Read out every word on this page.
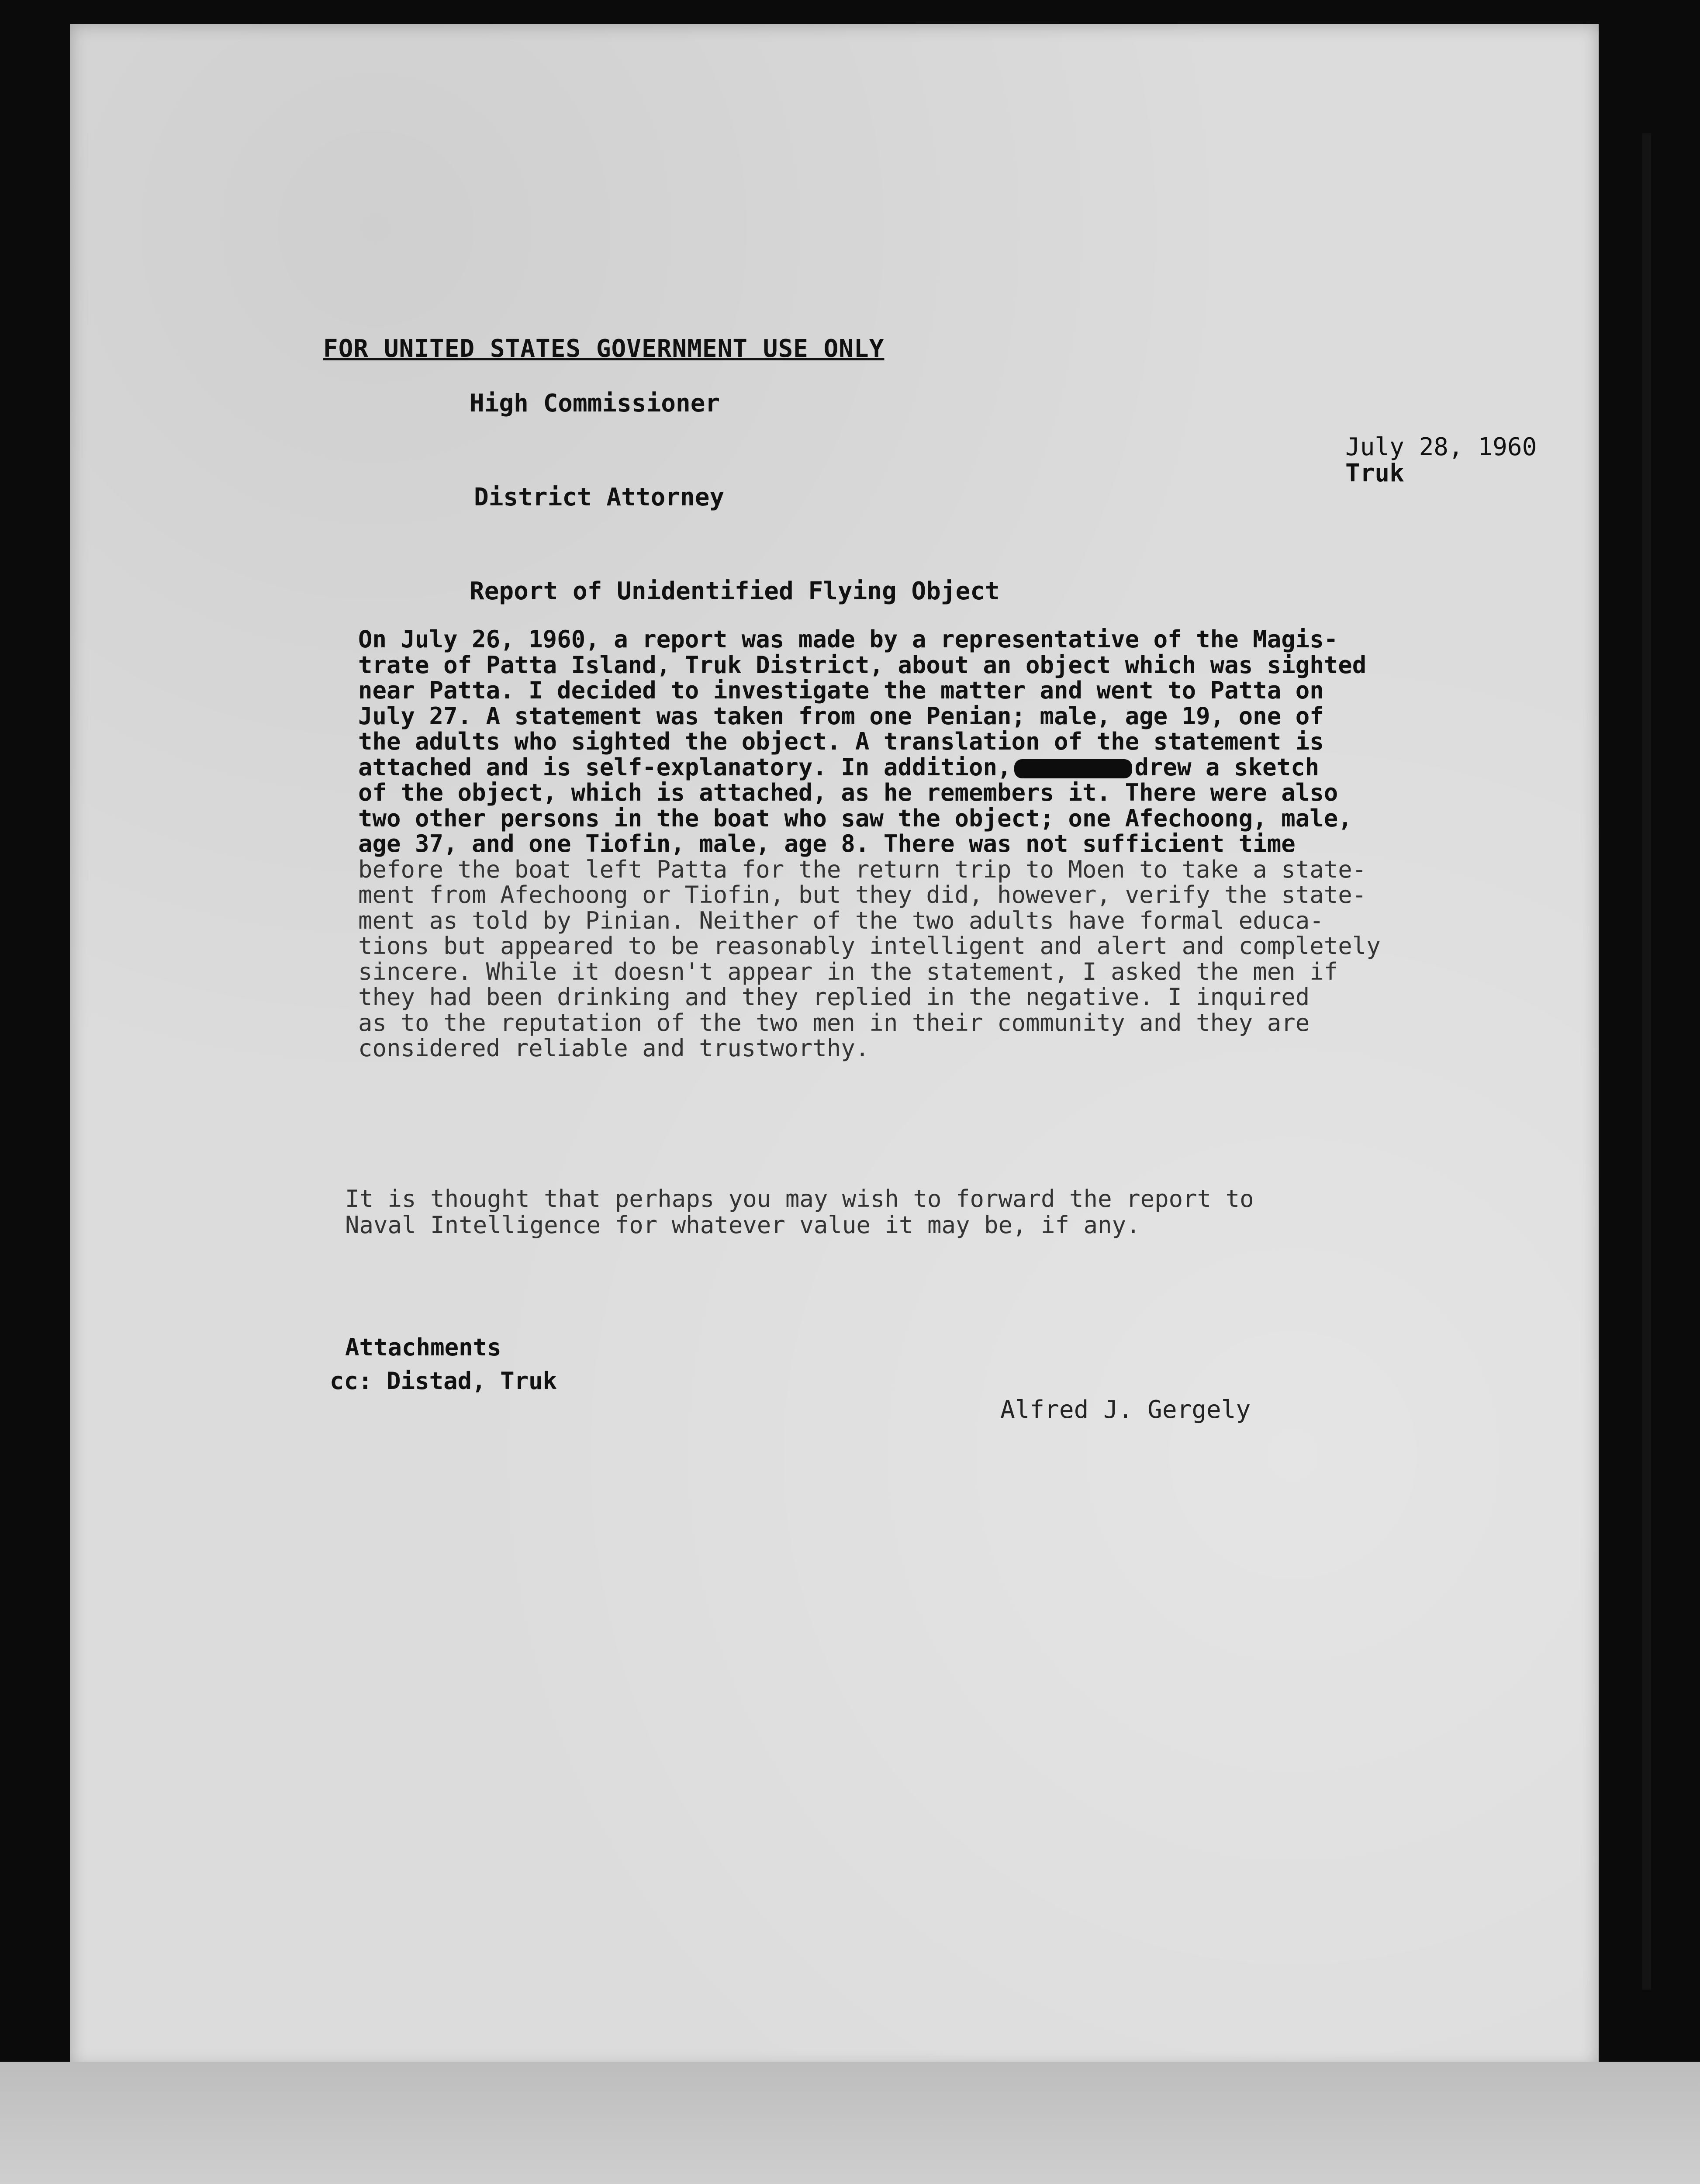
FOR UNITED STATES GOVERNMENT USE ONLY
High Commissioner
July 28, 1960
Truk
District Attorney
Report of Unidentified Flying Object
On July 26, 1960, a report was made by a representative of the Magis-
trate of Patta Island, Truk District, about an object which was sighted
near Patta. I decided to investigate the matter and went to Patta on
July 27. A statement was taken from one Penian; male, age 19, one of
the adults who sighted the object. A translation of the statement is
attached and is self-explanatory. In addition,	drew a sketch
of the object, which is attached, as he remembers it. There were also
two other persons in the boat who saw the object; one Afechoong, male,
age 37, and one Tiofin, male, age 8. There was not sufficient time
before the boat left Patta for the return trip to Moen to take a state-
ment from Afechoong or Tiofin, but they did, however, verify the state-
ment as told by Pinian. Neither of the two adults have formal educa-
tions but appeared to be reasonably intelligent and alert and completely
sincere. While it doesn't appear in the statement, I asked the men if
they had been drinking and they replied in the negative. I inquired
as to the reputation of the two men in their community and they are
considered reliable and trustworthy.
It is thought that perhaps you may wish to forward the report to
Naval Intelligence for whatever value it may be, if any.
Attachments
cc: Distad, Truk
Alfred J. Gergely
